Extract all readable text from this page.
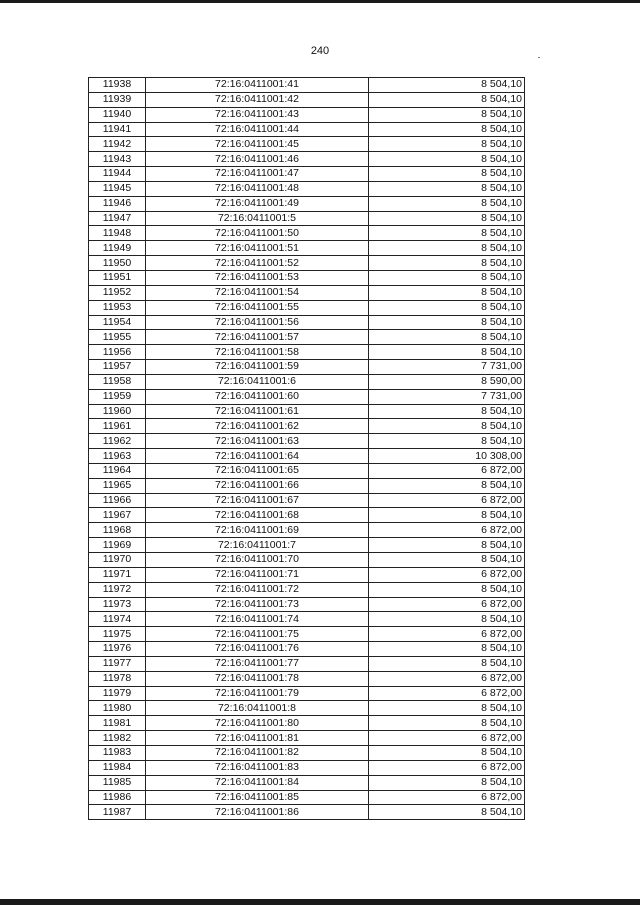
240
11938	72:16:0411001:41	8 504,10
11939	72:16:0411001:42	8 504,10
11940	72:16:0411001:43	8 504,10
11941	72:16:0411001:44	8 504,10
11942	72:16:0411001:45	8 504,10
11943	72:16:0411001:46	8 504,10
11944	72:16:0411001:47	8 504,10
11945	72:16:0411001:48	8 504,10
11946	72:16:0411001:49	8 504,10
11947	72:16:0411001:5	8 504,10
11948	72:16:0411001:50	8 504,10
11949	72:16:0411001:51	8 504,10
11950	72:16:0411001:52	8 504,10
11951	72:16:0411001:53	8 504,10
11952	72:16:0411001:54	8 504,10
11953	72:16:0411001:55	8 504,10
11954	72:16:0411001:56	8 504,10
11955	72:16:0411001:57	8 504,10
11956	72:16:0411001:58	8 504,10
11957	72:16:0411001:59	7 731,00
11958	72:16:0411001:6	8 590,00
11959	72:16:0411001:60	7 731,00
11960	72:16:0411001:61	8 504,10
11961	72:16:0411001:62	8 504,10
11962	72:16:0411001:63	8 504,10
11963	72:16:0411001:64	10 308,00
11964	72:16:0411001:65	6 872,00
11965	72:16:0411001:66	8 504,10
11966	72:16:0411001:67	6 872,00
11967	72:16:0411001:68	8 504,10
11968	72:16:0411001:69	6 872,00
11969	72:16:0411001:7	8 504,10
11970	72:16:0411001:70	8 504,10
11971	72:16:0411001:71	6 872,00
11972	72:16:0411001:72	8 504,10
11973	72:16:0411001:73	6 872,00
11974	72:16:0411001:74	8 504,10
11975	72:16:0411001:75	6 872,00
11976	72:16:0411001:76	8 504,10
11977	72:16:0411001:77	8 504,10
11978	72:16:0411001:78	6 872,00
11979	72:16:0411001:79	6 872,00
11980	72:16:0411001:8	8 504,10
11981	72:16:0411001:80	8 504,10
11982	72:16:0411001:81	6 872,00
11983	72:16:0411001:82	8 504,10
11984	72:16:0411001:83	6 872,00
11985	72:16:0411001:84	8 504,10
11986	72:16:0411001:85	6 872,00
11987	72:16:0411001:86	8 504,10
